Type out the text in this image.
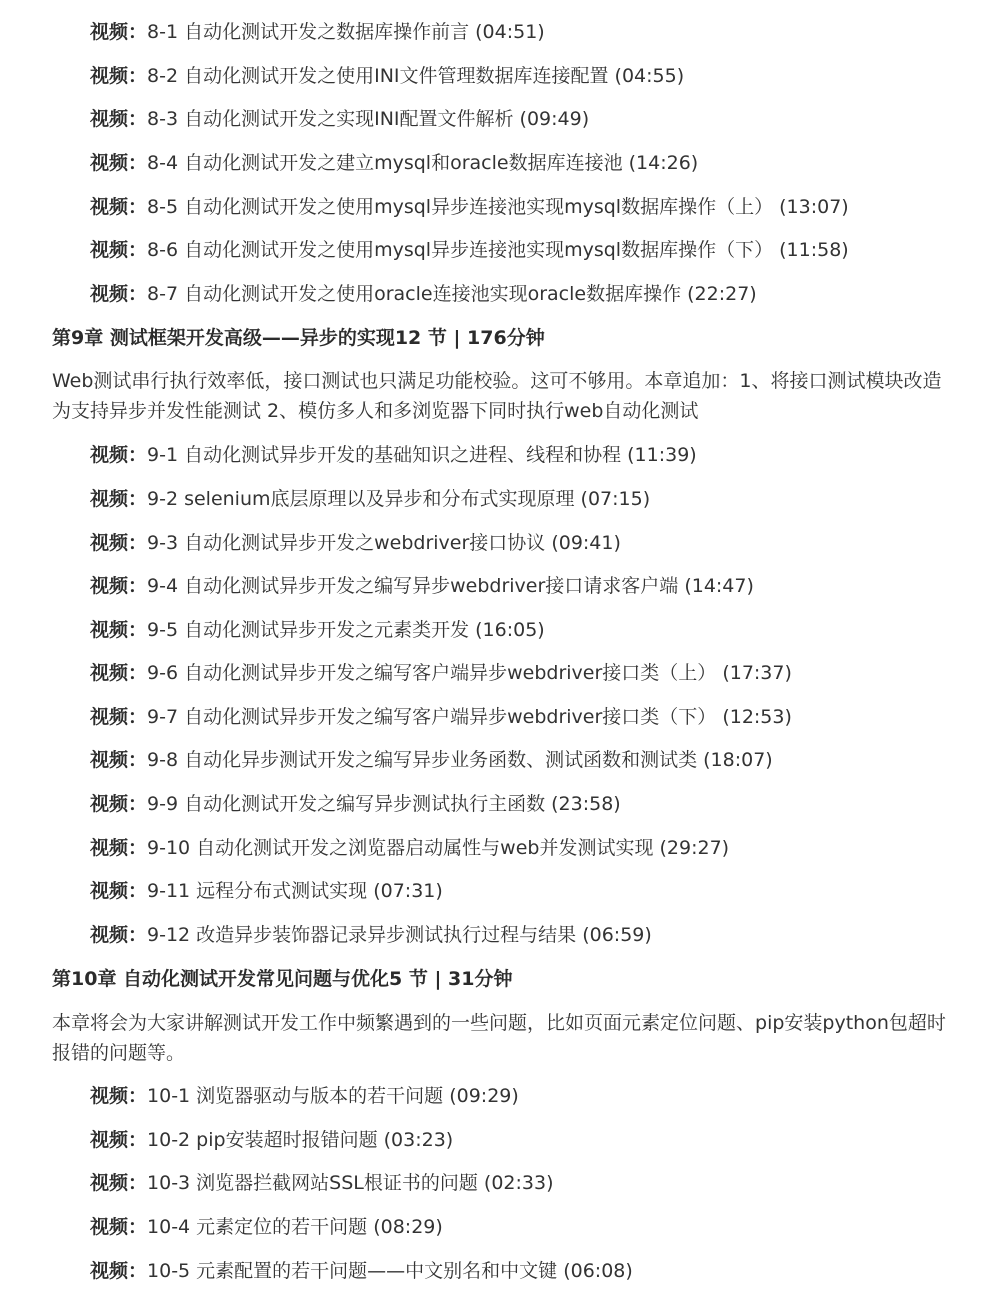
视频：8-1 自动化测试开发之数据库操作前言 (04:51)
视频：8-2 自动化测试开发之使用INI文件管理数据库连接配置 (04:55)
视频：8-3 自动化测试开发之实现INI配置文件解析 (09:49)
视频：8-4 自动化测试开发之建立mysql和oracle数据库连接池 (14:26)
视频：8-5 自动化测试开发之使用mysql异步连接池实现mysql数据库操作（上） (13:07)
视频：8-6 自动化测试开发之使用mysql异步连接池实现mysql数据库操作（下） (11:58)
视频：8-7 自动化测试开发之使用oracle连接池实现oracle数据库操作 (22:27)
第9章 测试框架开发高级——异步的实现12 节 | 176分钟
Web测试串行执行效率低，接口测试也只满足功能校验。这可不够用。本章追加：1、将接口测试模块改造
为支持异步并发性能测试 2、模仿多人和多浏览器下同时执行web自动化测试
视频：9-1 自动化测试异步开发的基础知识之进程、线程和协程 (11:39)
视频：9-2 selenium底层原理以及异步和分布式实现原理 (07:15)
视频：9-3 自动化测试异步开发之webdriver接口协议 (09:41)
视频：9-4 自动化测试异步开发之编写异步webdriver接口请求客户端 (14:47)
视频：9-5 自动化测试异步开发之元素类开发 (16:05)
视频：9-6 自动化测试异步开发之编写客户端异步webdriver接口类（上） (17:37)
视频：9-7 自动化测试异步开发之编写客户端异步webdriver接口类（下） (12:53)
视频：9-8 自动化异步测试开发之编写异步业务函数、测试函数和测试类 (18:07)
视频：9-9 自动化测试开发之编写异步测试执行主函数 (23:58)
视频：9-10 自动化测试开发之浏览器启动属性与web并发测试实现 (29:27)
视频：9-11 远程分布式测试实现 (07:31)
视频：9-12 改造异步装饰器记录异步测试执行过程与结果 (06:59)
第10章 自动化测试开发常见问题与优化5 节 | 31分钟
本章将会为大家讲解测试开发工作中频繁遇到的一些问题，比如页面元素定位问题、pip安装python包超时
报错的问题等。
视频：10-1 浏览器驱动与版本的若干问题 (09:29)
视频：10-2 pip安装超时报错问题 (03:23)
视频：10-3 浏览器拦截网站SSL根证书的问题 (02:33)
视频：10-4 元素定位的若干问题 (08:29)
视频：10-5 元素配置的若干问题——中文别名和中文键 (06:08)
